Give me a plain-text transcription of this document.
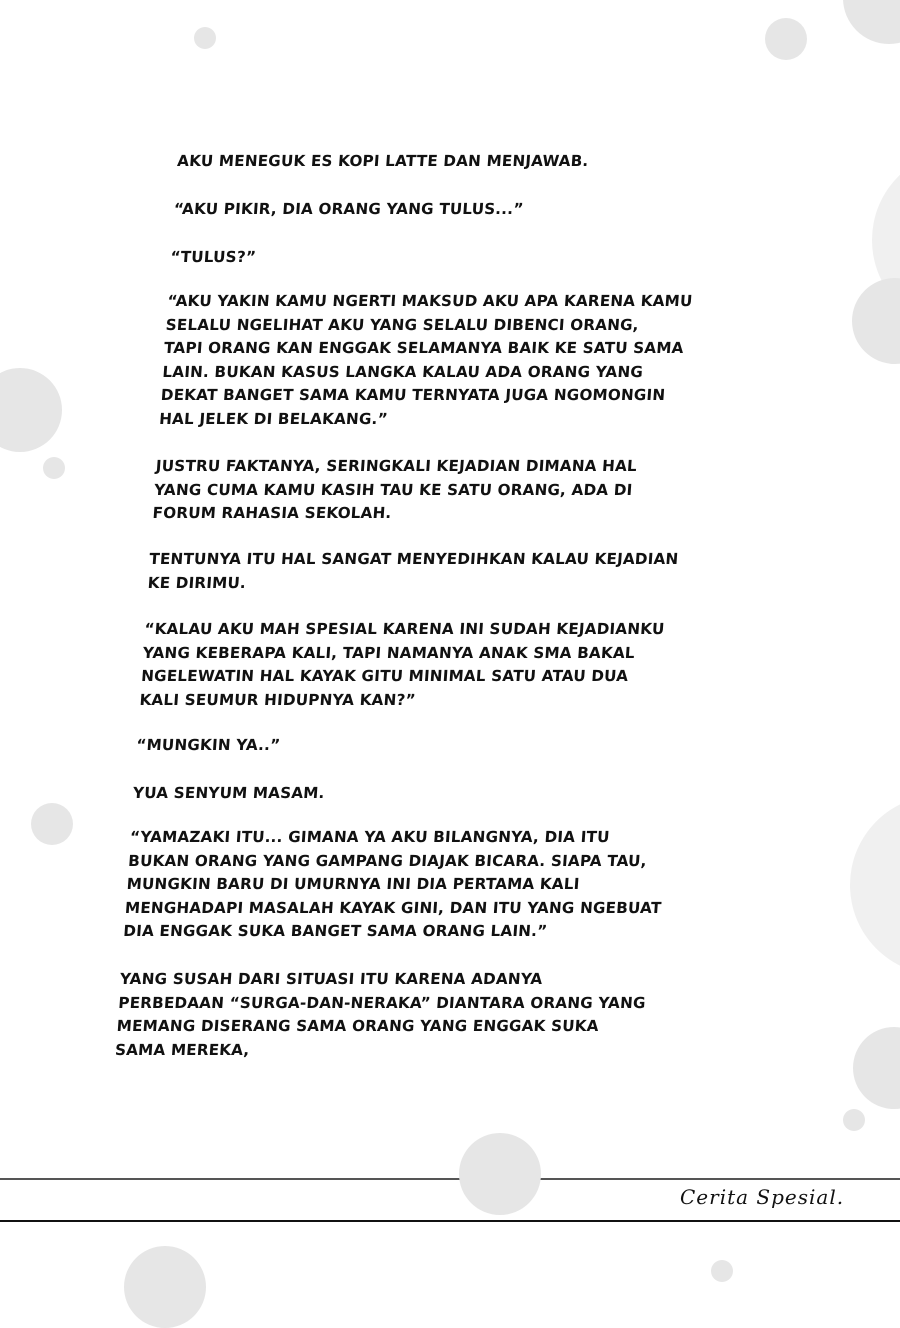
AKU MENEGUK ES KOPI LATTE DAN MENJAWAB.

“AKU PIKIR, DIA ORANG YANG TULUS...”

“TULUS?”

“AKU YAKIN KAMU NGERTI MAKSUD AKU APA KARENA KAMU
SELALU NGELIHAT AKU YANG SELALU DIBENCI ORANG,
TAPI ORANG KAN ENGGAK SELAMANYA BAIK KE SATU SAMA
LAIN. BUKAN KASUS LANGKA KALAU ADA ORANG YANG
DEKAT BANGET SAMA KAMU TERNYATA JUGA NGOMONGIN
HAL JELEK DI BELAKANG.”

JUSTRU FAKTANYA, SERINGKALI KEJADIAN DIMANA HAL
YANG CUMA KAMU KASIH TAU KE SATU ORANG, ADA DI
FORUM RAHASIA SEKOLAH.

TENTUNYA ITU HAL SANGAT MENYEDIHKAN KALAU KEJADIAN
KE DIRIMU.

“KALAU AKU MAH SPESIAL KARENA INI SUDAH KEJADIANKU
YANG KEBERAPA KALI, TAPI NAMANYA ANAK SMA BAKAL
NGELEWATIN HAL KAYAK GITU MINIMAL SATU ATAU DUA
KALI SEUMUR HIDUPNYA KAN?”

“MUNGKIN YA..”

YUA SENYUM MASAM.

“YAMAZAKI ITU... GIMANA YA AKU BILANGNYA, DIA ITU
BUKAN ORANG YANG GAMPANG DIAJAK BICARA. SIAPA TAU,
MUNGKIN BARU DI UMURNYA INI DIA PERTAMA KALI
MENGHADAPI MASALAH KAYAK GINI, DAN ITU YANG NGEBUAT
DIA ENGGAK SUKA BANGET SAMA ORANG LAIN.”

YANG SUSAH DARI SITUASI ITU KARENA ADANYA
PERBEDAAN “SURGA-DAN-NERAKA” DIANTARA ORANG YANG
MEMANG DISERANG SAMA ORANG YANG ENGGAK SUKA
SAMA MEREKA,

Cerita Spesial.
